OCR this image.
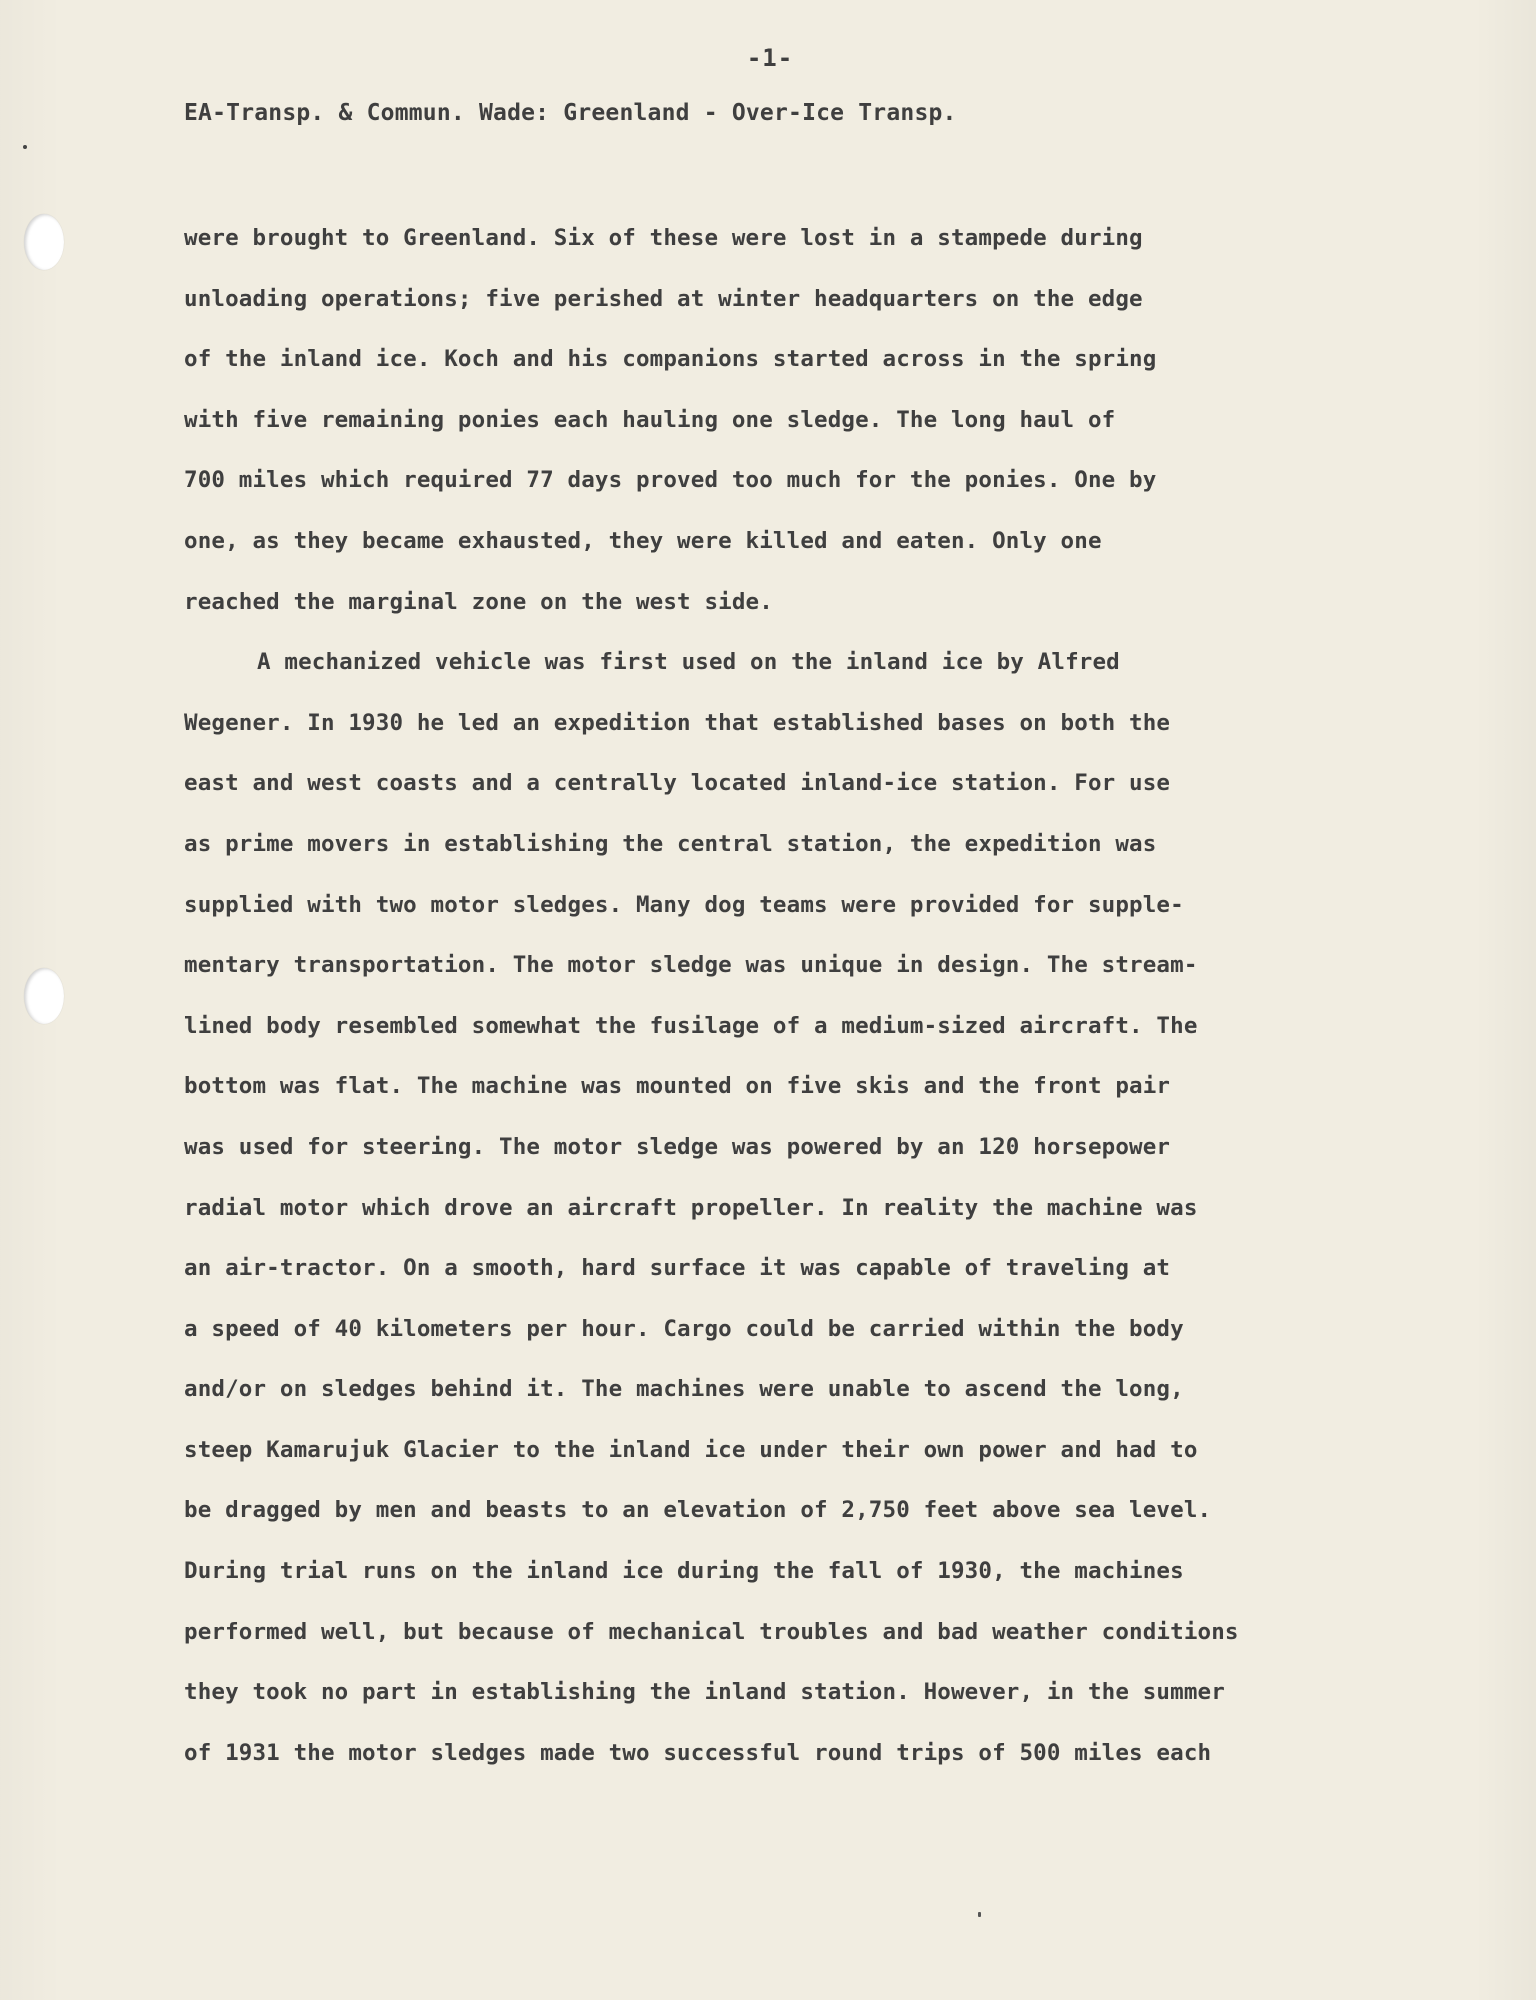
-1-
EA-Transp. & Commun. Wade: Greenland - Over-Ice Transp.
were brought to Greenland. Six of these were lost in a stampede during
unloading operations; five perished at winter headquarters on the edge
of the inland ice. Koch and his companions started across in the spring
with five remaining ponies each hauling one sledge. The long haul of
700 miles which required 77 days proved too much for the ponies. One by
one, as they became exhausted, they were killed and eaten. Only one
reached the marginal zone on the west side.
A mechanized vehicle was first used on the inland ice by Alfred
Wegener. In 1930 he led an expedition that established bases on both the
east and west coasts and a centrally located inland-ice station. For use
as prime movers in establishing the central station, the expedition was
supplied with two motor sledges. Many dog teams were provided for supple-
mentary transportation. The motor sledge was unique in design. The stream-
lined body resembled somewhat the fusilage of a medium-sized aircraft. The
bottom was flat. The machine was mounted on five skis and the front pair
was used for steering. The motor sledge was powered by an 120 horsepower
radial motor which drove an aircraft propeller. In reality the machine was
an air-tractor. On a smooth, hard surface it was capable of traveling at
a speed of 40 kilometers per hour. Cargo could be carried within the body
and/or on sledges behind it. The machines were unable to ascend the long,
steep Kamarujuk Glacier to the inland ice under their own power and had to
be dragged by men and beasts to an elevation of 2,750 feet above sea level.
During trial runs on the inland ice during the fall of 1930, the machines
performed well, but because of mechanical troubles and bad weather conditions
they took no part in establishing the inland station. However, in the summer
of 1931 the motor sledges made two successful round trips of 500 miles each
